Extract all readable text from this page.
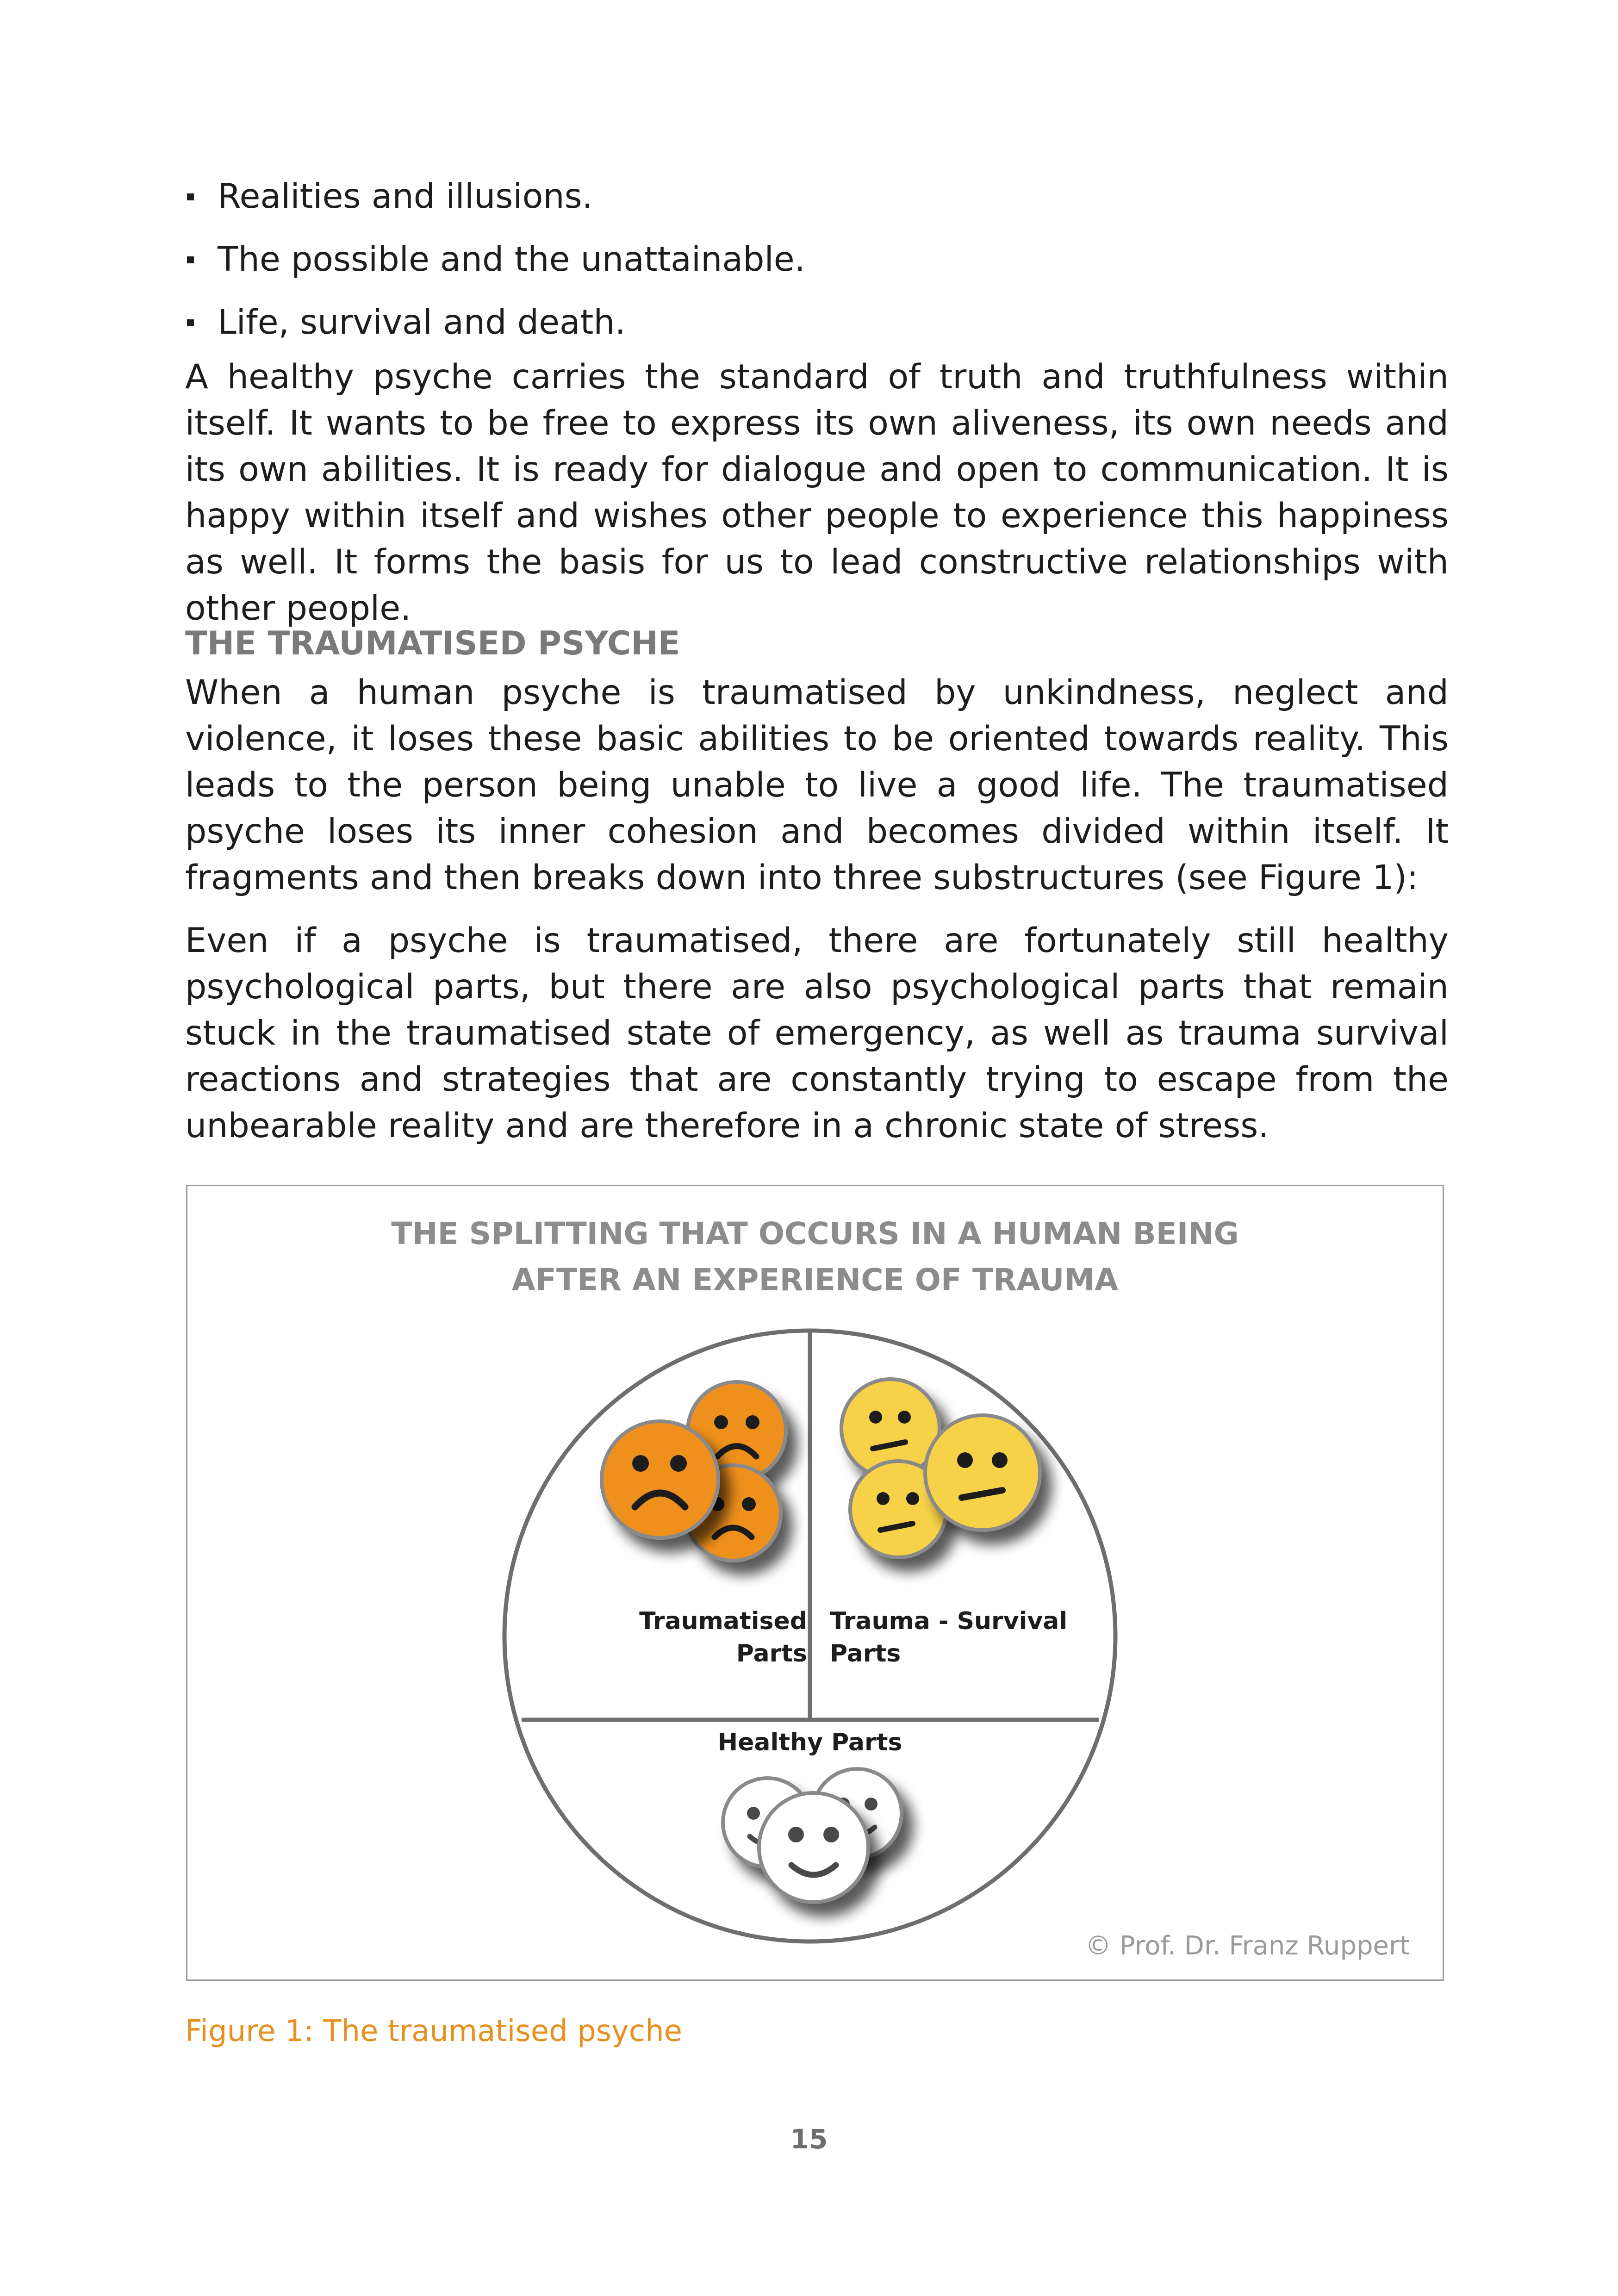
Realities and illusions.
The possible and the unattainable.
Life, survival and death.

A healthy psyche carries the standard of truth and truthfulness within itself. It wants to be free to express its own aliveness, its own needs and its own abilities. It is ready for dialogue and open to communication. It is happy within itself and wishes other people to experience this happiness as well. It forms the basis for us to lead constructive relationships with other people.

THE TRAUMATISED PSYCHE

When a human psyche is traumatised by unkindness, neglect and violence, it loses these basic abilities to be oriented towards reality. This leads to the person being unable to live a good life. The traumatised psyche loses its inner cohesion and becomes divided within itself. It fragments and then breaks down into three substructures (see Figure 1):

Even if a psyche is traumatised, there are fortunately still healthy psychological parts, but there are also psychological parts that remain stuck in the traumatised state of emergency, as well as trauma survival reactions and strategies that are constantly trying to escape from the unbearable reality and are therefore in a chronic state of stress.

THE SPLITTING THAT OCCURS IN A HUMAN BEING
AFTER AN EXPERIENCE OF TRAUMA
Traumatised
Parts
Trauma - Survival
Parts
Healthy Parts
© Prof. Dr. Franz Ruppert

Figure 1: The traumatised psyche

15
